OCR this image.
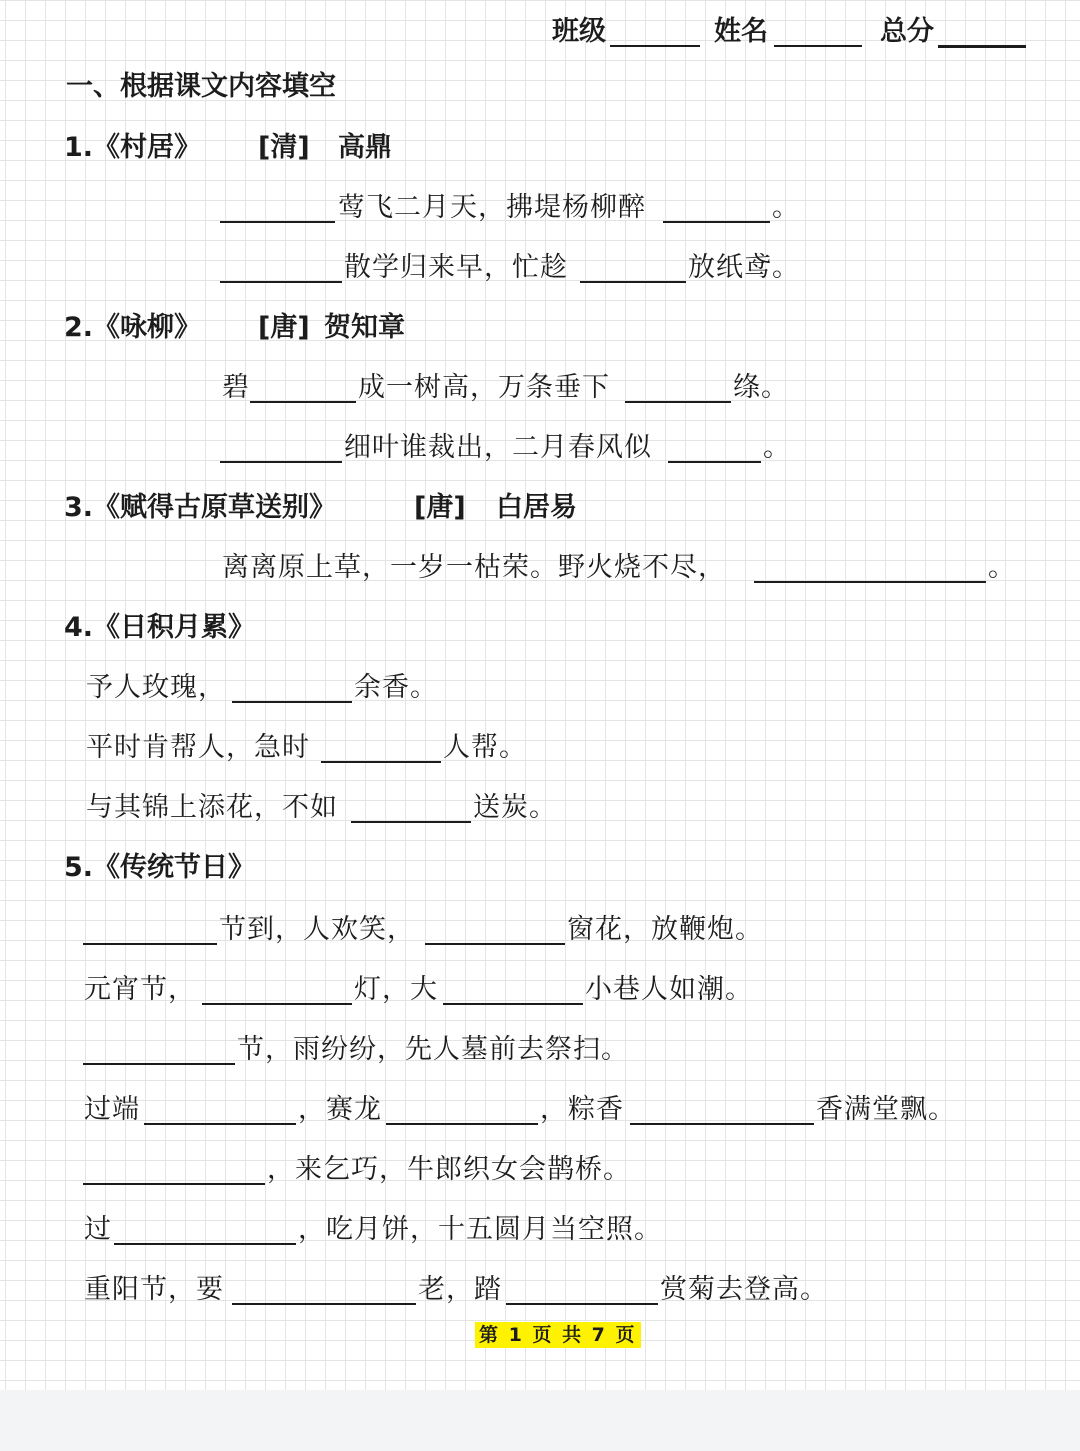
班级	姓名	总分
一、根据课文内容填空
1.《村居》 [清] 高鼎
莺飞二月天，拂堤杨柳醉	。
散学归来早，忙趁	放纸鸢。
2.《咏柳》 [唐] 贺知章
碧	成一树高，万条垂下	绦。
细叶谁裁出，二月春风似	。
3.《赋得古原草送别》	[唐] 白居易
离离原上草，一岁一枯荣。野火烧不尽，	。
4.《日积月累》
予人玫瑰，	余香。
平时肯帮人，急时	人帮。
与其锦上添花，不如	送炭。
5.《传统节日》
节到，人欢笑，	窗花，放鞭炮。
元宵节，	灯，大	小巷人如潮。
节，雨纷纷，先人墓前去祭扫。
过端	，赛龙	，粽香	香满堂飘。
，来乞巧，牛郎织女会鹊桥。
过	，吃月饼，十五圆月当空照。
重阳节，要	老，踏	赏菊去登高。
第 1 页 共 7 页
